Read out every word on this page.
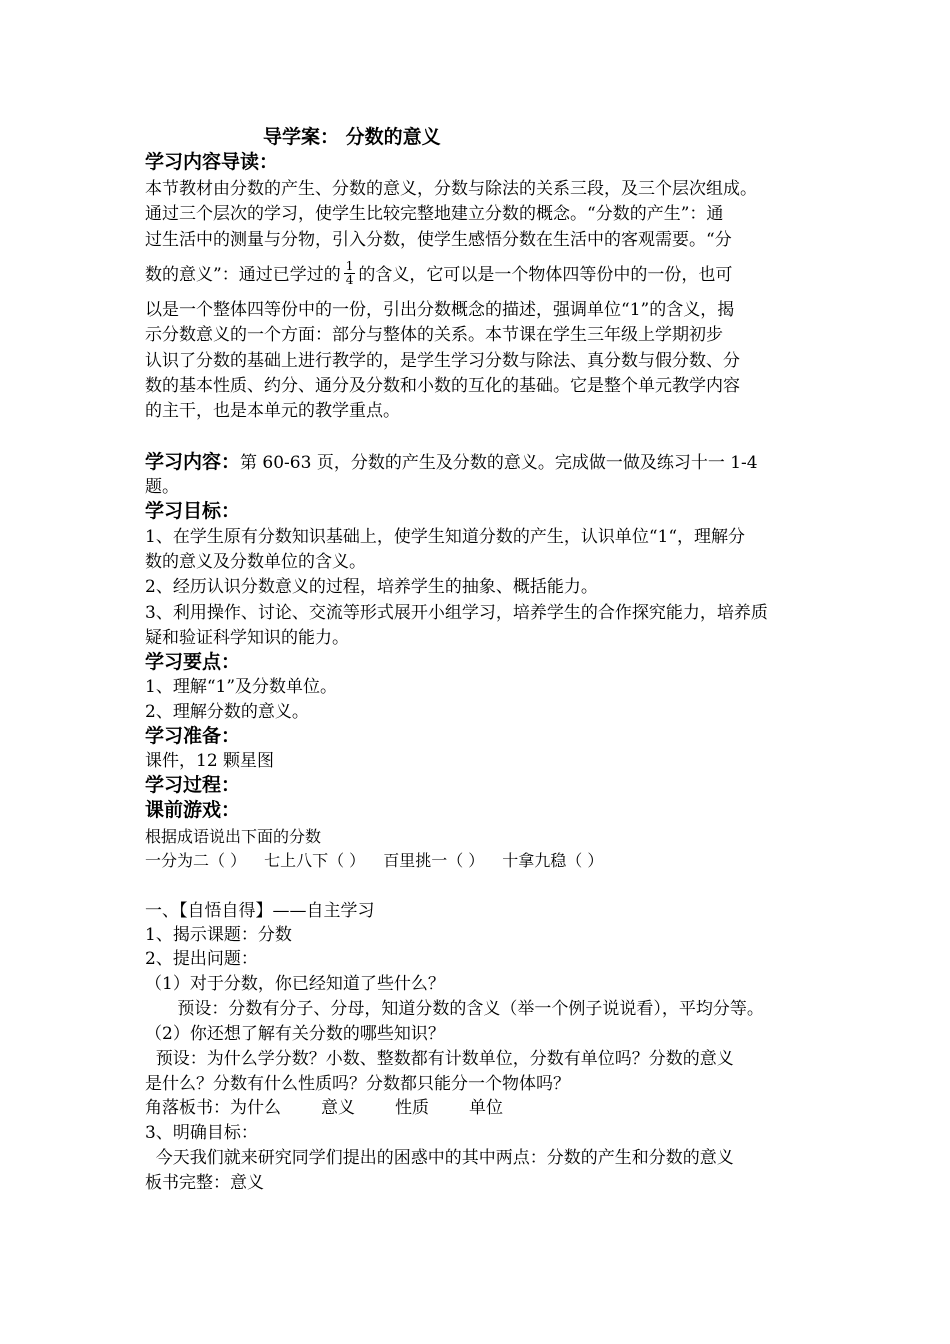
导学案： 分数的意义
学习内容导读：
本节教材由分数的产生、分数的意义，分数与除法的关系三段，及三个层次组成。
通过三个层次的学习，使学生比较完整地建立分数的概念。“分数的产生”：通
过生活中的测量与分物，引入分数，使学生感悟分数在生活中的客观需要。“分
数的意义”：通过已学过的 $\frac{1}{4}$ 的含义，它可以是一个物体四等份中的一份，也可
以是一个整体四等份中的一份，引出分数概念的描述，强调单位“1”的含义，揭
示分数意义的一个方面：部分与整体的关系。本节课在学生三年级上学期初步
认识了分数的基础上进行教学的，是学生学习分数与除法、真分数与假分数、分
数的基本性质、约分、通分及分数和小数的互化的基础。它是整个单元教学内容
的主干，也是本单元的教学重点。
学习内容：第 60-63 页，分数的产生及分数的意义。完成做一做及练习十一 1-4
题。
学习目标：
1、在学生原有分数知识基础上，使学生知道分数的产生，认识单位“1“，理解分
数的意义及分数单位的含义。
2、经历认识分数意义的过程，培养学生的抽象、概括能力。
3、利用操作、讨论、交流等形式展开小组学习，培养学生的合作探究能力，培养质
疑和验证科学知识的能力。
学习要点：
1、理解“1”及分数单位。
2、理解分数的意义。
学习准备：
课件，12 颗星图
学习过程：
课前游戏：
根据成语说出下面的分数
一分为二（ ） 七上八下（ ） 百里挑一（ ） 十拿九稳（ ）
一、【自悟自得】——自主学习
1、揭示课题：分数
2、提出问题：
（1）对于分数，你已经知道了些什么？
预设：分数有分子、分母，知道分数的含义（举一个例子说说看），平均分等。
（2）你还想了解有关分数的哪些知识？
预设：为什么学分数？小数、整数都有计数单位，分数有单位吗？分数的意义
是什么？分数有什么性质吗？分数都只能分一个物体吗？
角落板书：为什么 意义 性质 单位
3、明确目标：
今天我们就来研究同学们提出的困惑中的其中两点：分数的产生和分数的意义
板书完整：意义
